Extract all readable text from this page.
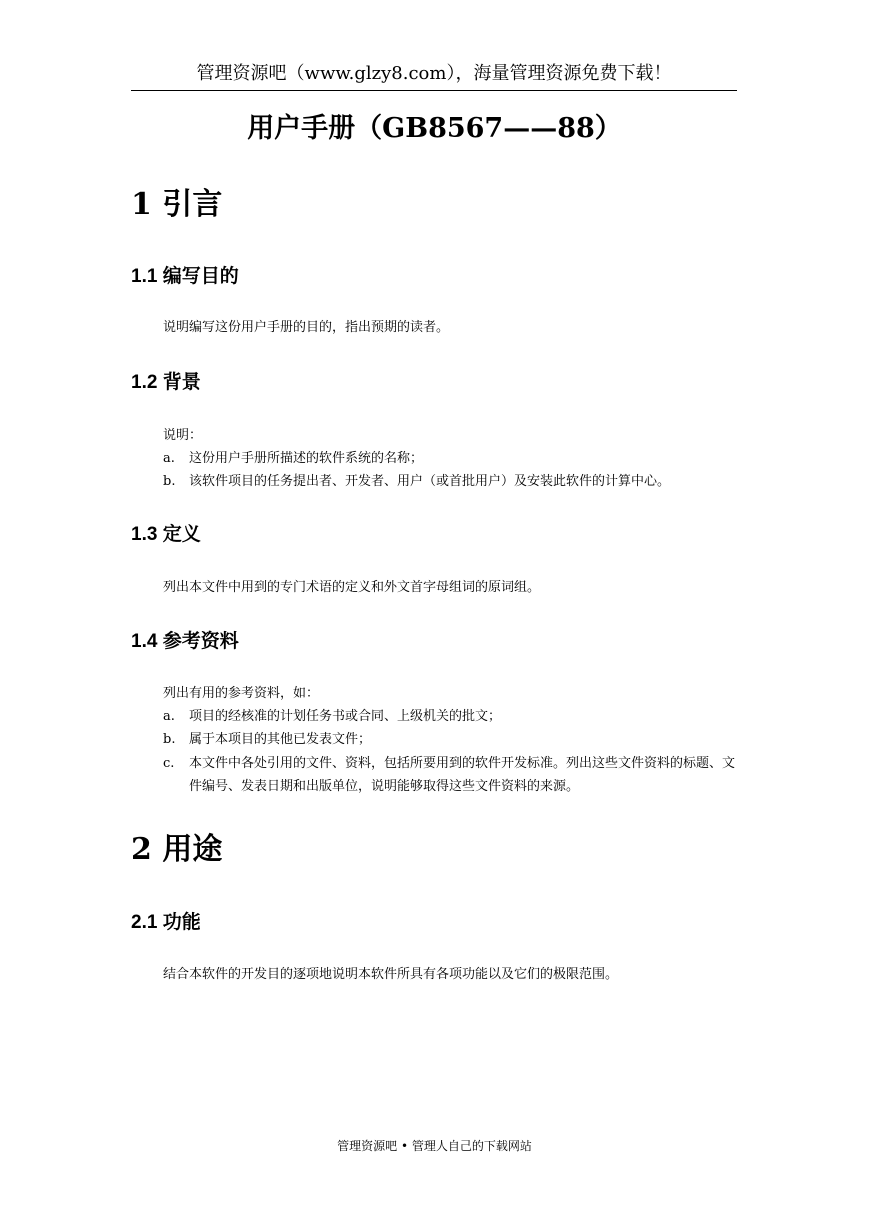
管理资源吧（www.glzy8.com），海量管理资源免费下载！
用户手册（GB8567——88）
1 引言
1.1 编写目的
说明编写这份用户手册的目的，指出预期的读者。
1.2 背景
说明：
a. 这份用户手册所描述的软件系统的名称；
b. 该软件项目的任务提出者、开发者、用户（或首批用户）及安装此软件的计算中心。
1.3 定义
列出本文件中用到的专门术语的定义和外文首字母组词的原词组。
1.4 参考资料
列出有用的参考资料，如：
a. 项目的经核准的计划任务书或合同、上级机关的批文；
b. 属于本项目的其他已发表文件；
c. 本文件中各处引用的文件、资料，包括所要用到的软件开发标准。列出这些文件资料的标题、文件编号、发表日期和出版单位，说明能够取得这些文件资料的来源。
2 用途
2.1 功能
结合本软件的开发目的逐项地说明本软件所具有各项功能以及它们的极限范围。
管理资源吧 • 管理人自己的下载网站
